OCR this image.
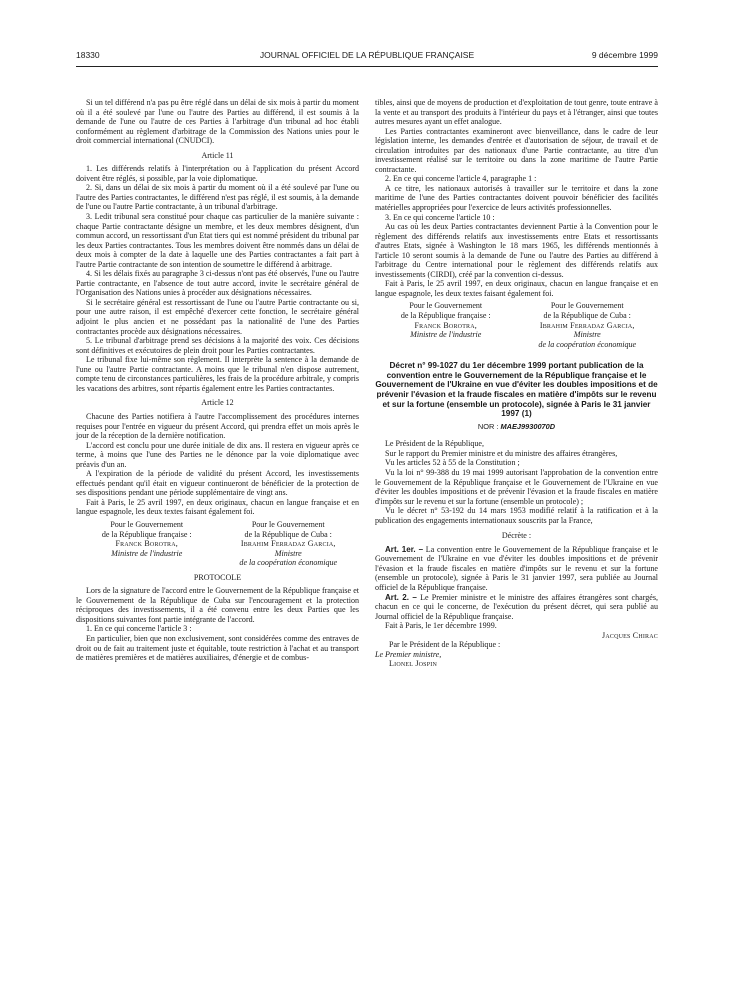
18330	JOURNAL OFFICIEL DE LA RÉPUBLIQUE FRANÇAISE	9 décembre 1999

Si un tel différend n'a pas pu être réglé dans un délai de six mois à partir du moment où il a été soulevé par l'une ou l'autre des Parties au différend, il est soumis à la demande de l'une ou l'autre de ces Parties à l'arbitrage d'un tribunal ad hoc établi conformément au règlement d'arbitrage de la Commission des Nations unies pour le droit commercial international (CNUDCI).

Article 11

1. Les différends relatifs à l'interprétation ou à l'application du présent Accord doivent être réglés, si possible, par la voie diplomatique.

2. Si, dans un délai de six mois à partir du moment où il a été soulevé par l'une ou l'autre des Parties contractantes, le différend n'est pas réglé, il est soumis, à la demande de l'une ou l'autre Partie contractante, à un tribunal d'arbitrage.

3. Ledit tribunal sera constitué pour chaque cas particulier de la manière suivante : chaque Partie contractante désigne un membre, et les deux membres désignent, d'un commun accord, un ressortissant d'un Etat tiers qui est nommé président du tribunal par les deux Parties contractantes. Tous les membres doivent être nommés dans un délai de deux mois à compter de la date à laquelle une des Parties contractantes a fait part à l'autre Partie contractante de son intention de soumettre le différend à arbitrage.

4. Si les délais fixés au paragraphe 3 ci-dessus n'ont pas été observés, l'une ou l'autre Partie contractante, en l'absence de tout autre accord, invite le secrétaire général de l'Organisation des Nations unies à procéder aux désignations nécessaires.

Si le secrétaire général est ressortissant de l'une ou l'autre Partie contractante ou si, pour une autre raison, il est empêché d'exercer cette fonction, le secrétaire général adjoint le plus ancien et ne possédant pas la nationalité de l'une des Parties contractantes procède aux désignations nécessaires.

5. Le tribunal d'arbitrage prend ses décisions à la majorité des voix. Ces décisions sont définitives et exécutoires de plein droit pour les Parties contractantes.

Le tribunal fixe lui-même son règlement. Il interprète la sentence à la demande de l'une ou l'autre Partie contractante. A moins que le tribunal n'en dispose autrement, compte tenu de circonstances particulières, les frais de la procédure arbitrale, y compris les vacations des arbitres, sont répartis également entre les Parties contractantes.

Article 12

Chacune des Parties notifiera à l'autre l'accomplissement des procédures internes requises pour l'entrée en vigueur du présent Accord, qui prendra effet un mois après le jour de la réception de la dernière notification.

L'accord est conclu pour une durée initiale de dix ans. Il restera en vigueur après ce terme, à moins que l'une des Parties ne le dénonce par la voie diplomatique avec préavis d'un an.

A l'expiration de la période de validité du présent Accord, les investissements effectués pendant qu'il était en vigueur continueront de bénéficier de la protection de ses dispositions pendant une période supplémentaire de vingt ans.

Fait à Paris, le 25 avril 1997, en deux originaux, chacun en langue française et en langue espagnole, les deux textes faisant également foi.

Pour le Gouvernement
de la République française :
Franck Borotra,
Ministre de l'industrie
Pour le Gouvernement
de la République de Cuba :
Ibrahim Ferradaz Garcia,
Ministre
de la coopération économique
PROTOCOLE

Lors de la signature de l'accord entre le Gouvernement de la République française et le Gouvernement de la République de Cuba sur l'encouragement et la protection réciproques des investissements, il a été convenu entre les deux Parties que les dispositions suivantes font partie intégrante de l'accord.

1. En ce qui concerne l'article 3 :

En particulier, bien que non exclusivement, sont considérées comme des entraves de droit ou de fait au traitement juste et équitable, toute restriction à l'achat et au transport de matières premières et de matières auxiliaires, d'énergie et de combus-

tibles, ainsi que de moyens de production et d'exploitation de tout genre, toute entrave à la vente et au transport des produits à l'intérieur du pays et à l'étranger, ainsi que toutes autres mesures ayant un effet analogue.

Les Parties contractantes examineront avec bienveillance, dans le cadre de leur législation interne, les demandes d'entrée et d'autorisation de séjour, de travail et de circulation introduites par des nationaux d'une Partie contractante, au titre d'un investissement réalisé sur le territoire ou dans la zone maritime de l'autre Partie contractante.

2. En ce qui concerne l'article 4, paragraphe 1 :

A ce titre, les nationaux autorisés à travailler sur le territoire et dans la zone maritime de l'une des Parties contractantes doivent pouvoir bénéficier des facilités matérielles appropriées pour l'exercice de leurs activités professionnelles.

3. En ce qui concerne l'article 10 :

Au cas où les deux Parties contractantes deviennent Partie à la Convention pour le règlement des différends relatifs aux investissements entre Etats et ressortissants d'autres Etats, signée à Washington le 18 mars 1965, les différends mentionnés à l'article 10 seront soumis à la demande de l'une ou l'autre des Parties au différend à l'arbitrage du Centre international pour le règlement des différends relatifs aux investissements (CIRDI), créé par la convention ci-dessus.

Fait à Paris, le 25 avril 1997, en deux originaux, chacun en langue française et en langue espagnole, les deux textes faisant également foi.

Pour le Gouvernement
de la République française :
Franck Borotra,
Ministre de l'industrie
Pour le Gouvernement
de la République de Cuba :
Ibrahim Ferradaz Garcia,
Ministre
de la coopération économique
Décret n° 99-1027 du 1er décembre 1999 portant publication de la convention entre le Gouvernement de la République française et le Gouvernement de l'Ukraine en vue d'éviter les doubles impositions et de prévenir l'évasion et la fraude fiscales en matière d'impôts sur le revenu et sur la fortune (ensemble un protocole), signée à Paris le 31 janvier 1997 (1)
NOR : MAEJ9930070D

Le Président de la République,

Sur le rapport du Premier ministre et du ministre des affaires étrangères,

Vu les articles 52 à 55 de la Constitution ;

Vu la loi n° 99-388 du 19 mai 1999 autorisant l'approbation de la convention entre le Gouvernement de la République française et le Gouvernement de l'Ukraine en vue d'éviter les doubles impositions et de prévenir l'évasion et la fraude fiscales en matière d'impôts sur le revenu et sur la fortune (ensemble un protocole) ;

Vu le décret n° 53-192 du 14 mars 1953 modifié relatif à la ratification et à la publication des engagements internationaux souscrits par la France,

Décrète :

Art. 1er. – La convention entre le Gouvernement de la République française et le Gouvernement de l'Ukraine en vue d'éviter les doubles impositions et de prévenir l'évasion et la fraude fiscales en matière d'impôts sur le revenu et sur la fortune (ensemble un protocole), signée à Paris le 31 janvier 1997, sera publiée au Journal officiel de la République française.

Art. 2. – Le Premier ministre et le ministre des affaires étrangères sont chargés, chacun en ce qui le concerne, de l'exécution du présent décret, qui sera publié au Journal officiel de la République française.

Fait à Paris, le 1er décembre 1999.

Jacques Chirac
Par le Président de la République :
Le Premier ministre,
Lionel Jospin
